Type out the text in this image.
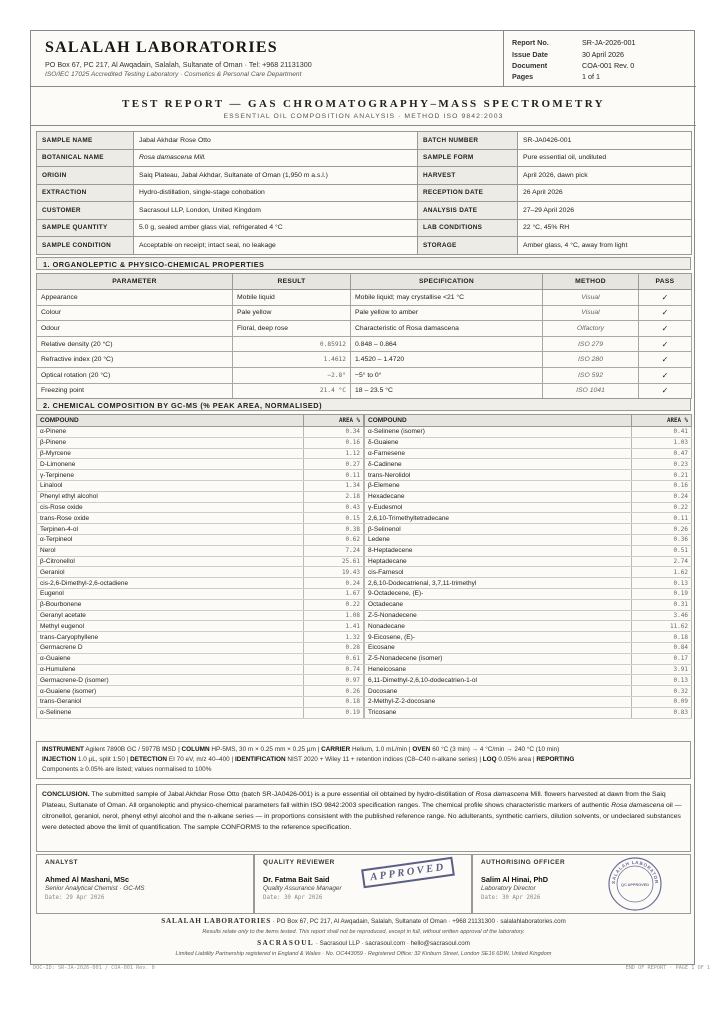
SALALAH LABORATORIES
PO Box 67, PC 217, Al Awqadain, Salalah, Sultanate of Oman · Tel: +968 21131300
ISO/IEC 17025 Accredited Testing Laboratory · Cosmetics & Personal Care Department
Report No.	SR-JA-2026-001
Issue Date	30 April 2026
Document	COA-001 Rev. 0
Pages	1 of 1
TEST REPORT — GAS CHROMATOGRAPHY–MASS SPECTROMETRY
ESSENTIAL OIL COMPOSITION ANALYSIS · METHOD ISO 9842:2003
SAMPLE NAME	Jabal Akhdar Rose Otto	BATCH NUMBER	SR-JA0426-001
BOTANICAL NAME	Rosa damascena Mill.	SAMPLE FORM	Pure essential oil, undiluted
ORIGIN	Saiq Plateau, Jabal Akhdar, Sultanate of Oman (1,950 m a.s.l.)	HARVEST	April 2026, dawn pick
EXTRACTION	Hydro-distillation, single-stage cohobation	RECEPTION DATE	26 April 2026
CUSTOMER	Sacrasoul LLP, London, United Kingdom	ANALYSIS DATE	27–29 April 2026
SAMPLE QUANTITY	5.0 g, sealed amber glass vial, refrigerated 4 °C	LAB CONDITIONS	22 °C, 45% RH
SAMPLE CONDITION	Acceptable on receipt; intact seal, no leakage	STORAGE	Amber glass, 4 °C, away from light
1. ORGANOLEPTIC & PHYSICO-CHEMICAL PROPERTIES
PARAMETER	RESULT	SPECIFICATION	METHOD	PASS
Appearance	Mobile liquid	Mobile liquid; may crystallise <21 °C	Visual	✓
Colour	Pale yellow	Pale yellow to amber	Visual	✓
Odour	Floral, deep rose	Characteristic of Rosa damascena	Olfactory	✓
Relative density (20 °C)	0.85912	0.848 – 0.864	ISO 279	✓
Refractive index (20 °C)	1.4612	1.4520 – 1.4720	ISO 280	✓
Optical rotation (20 °C)	−2.8°	−5° to 0°	ISO 592	✓
Freezing point	21.4 °C	18 – 23.5 °C	ISO 1041	✓
2. CHEMICAL COMPOSITION BY GC-MS (% PEAK AREA, NORMALISED)
COMPOUND	AREA %
α-Pinene	0.34
β-Pinene	0.16
β-Myrcene	1.12
D-Limonene	0.27
γ-Terpinene	0.11
Linalool	1.34
Phenyl ethyl alcohol	2.18
cis-Rose oxide	0.43
trans-Rose oxide	0.15
Terpinen-4-ol	0.38
α-Terpineol	0.62
Nerol	7.24
β-Citronellol	25.61
Geraniol	19.43
cis-2,6-Dimethyl-2,6-octadiene	0.24
Eugenol	1.67
β-Bourbonene	0.22
Geranyl acetate	1.08
Methyl eugenol	1.41
trans-Caryophyllene	1.32
Germacrene D	0.28
α-Guaiene	0.61
α-Humulene	0.74
Germacrene-D (isomer)	0.97
α-Guaiene (isomer)	0.26
trans-Geraniol	0.18
α-Selinene	0.19
COMPOUND	AREA %
α-Selinene (isomer)	0.41
δ-Guaiene	1.03
α-Farnesene	0.47
δ-Cadinene	0.23
trans-Nerolidol	0.21
β-Elemene	0.16
Hexadecane	0.24
γ-Eudesmol	0.22
2,6,10-Trimethyltetradecane	0.11
β-Selinenol	0.26
Ledene	0.36
8-Heptadecene	0.51
Heptadecane	2.74
cis-Farnesol	1.62
2,6,10-Dodecatrienal, 3,7,11-trimethyl	0.13
9-Octadecene, (E)-	0.19
Octadecane	0.31
Z-5-Nonadecene	3.46
Nonadecane	11.62
9-Eicosene, (E)-	0.18
Eicosane	0.84
Z-5-Nonadecene (isomer)	0.17
Heneicosane	3.91
6,11-Dimethyl-2,6,10-dodecatrien-1-ol	0.13
Docosane	0.32
2-Methyl-Z-2-docosane	0.09
Tricosane	0.83
INSTRUMENT Agilent 7890B GC / 5977B MSD | COLUMN HP-5MS, 30 m × 0.25 mm × 0.25 µm | CARRIER Helium, 1.0 mL/min | OVEN 60 °C (3 min) → 4 °C/min → 240 °C (10 min)
INJECTION 1.0 µL, split 1:50 | DETECTION EI 70 eV, m/z 40–400 | IDENTIFICATION NIST 2020 + Wiley 11 + retention indices (C8–C40 n-alkane series) | LOQ 0.05% area | REPORTING
Components ≥ 0.05% are listed; values normalised to 100%
CONCLUSION. The submitted sample of Jabal Akhdar Rose Otto (batch SR-JA0426-001) is a pure essential oil obtained by hydro-distillation of Rosa damascena Mill. flowers harvested at dawn from the Saiq Plateau, Sultanate of Oman. All organoleptic and physico-chemical parameters fall within ISO 9842:2003 specification ranges. The chemical profile shows characteristic markers of authentic Rosa damascena oil — citronellol, geraniol, nerol, phenyl ethyl alcohol and the n-alkane series — in proportions consistent with the published reference range. No adulterants, synthetic carriers, dilution solvents, or undeclared substances were detected above the limit of quantification. The sample CONFORMS to the reference specification.
ANALYST
Ahmed Al Mashani, MSc
Senior Analytical Chemist · GC-MS
Date: 29 Apr 2026
QUALITY REVIEWER
Dr. Fatma Bait Said
Quality Assurance Manager
Date: 30 Apr 2026
APPROVED	AUTHORISING OFFICER
Salim Al Hinai, PhD
Laboratory Director
Date: 30 Apr 2026
SALALAH LABORATOR
QC APPROVED
SALALAH LABORATORIES · PO Box 67, PC 217, Al Awqadain, Salalah, Sultanate of Oman · +968 21131300 · salalahlaboratories.com
Results relate only to the items tested. This report shall not be reproduced, except in full, without written approval of the laboratory.
SACRASOUL · Sacrasoul LLP · sacrasoul.com · hello@sacrasoul.com
Limited Liability Partnership registered in England & Wales · No. OC443059 · Registered Office: 32 Kinburn Street, London SE16 6DW, United Kingdom
DOC-ID: SR-JA-2026-001 / COA-001 Rev. 0	END OF REPORT · PAGE 1 OF 1
